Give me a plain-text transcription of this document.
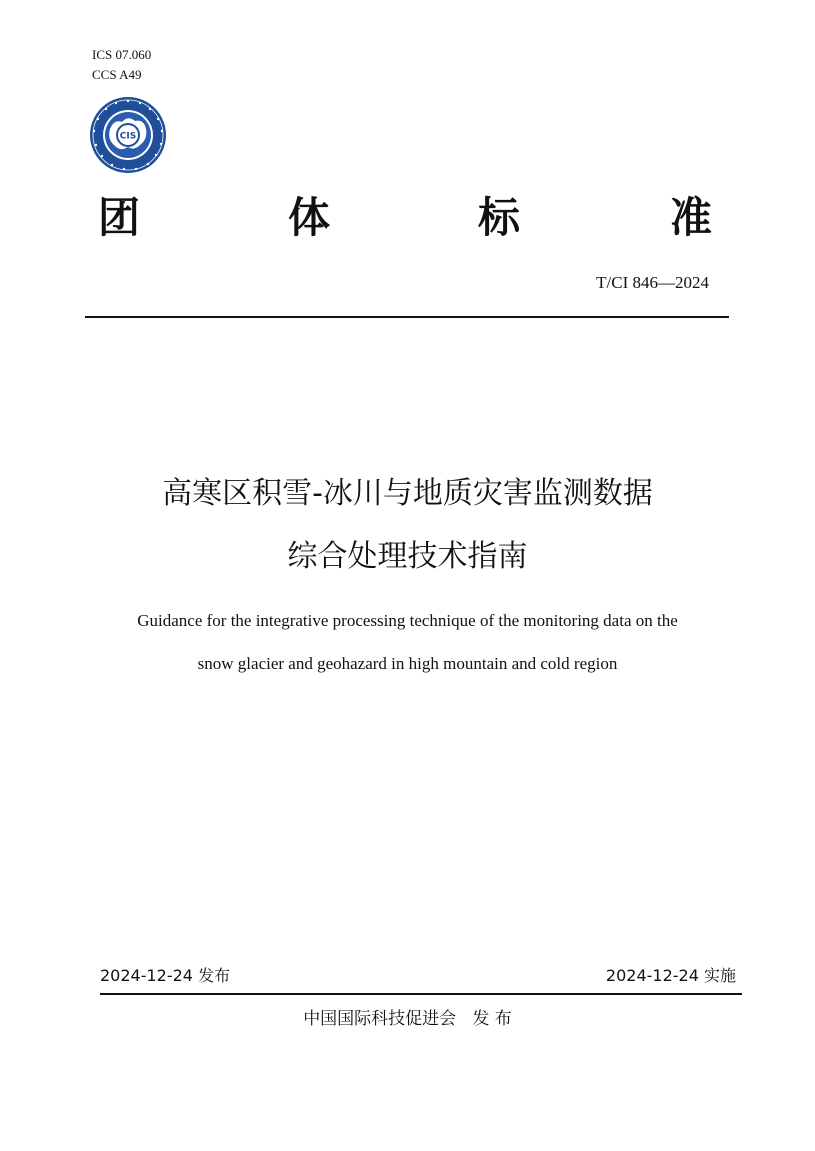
ICS 07.060
CCS A49
CIS
团	体	标	准
T/CI 846—2024
高寒区积雪-冰川与地质灾害监测数据
综合处理技术指南
Guidance for the integrative processing technique of the monitoring data on the
snow glacier and geohazard in high mountain and cold region
2024-12-24 发布	2024-12-24 实施
中国国际科技促进会   发 布
